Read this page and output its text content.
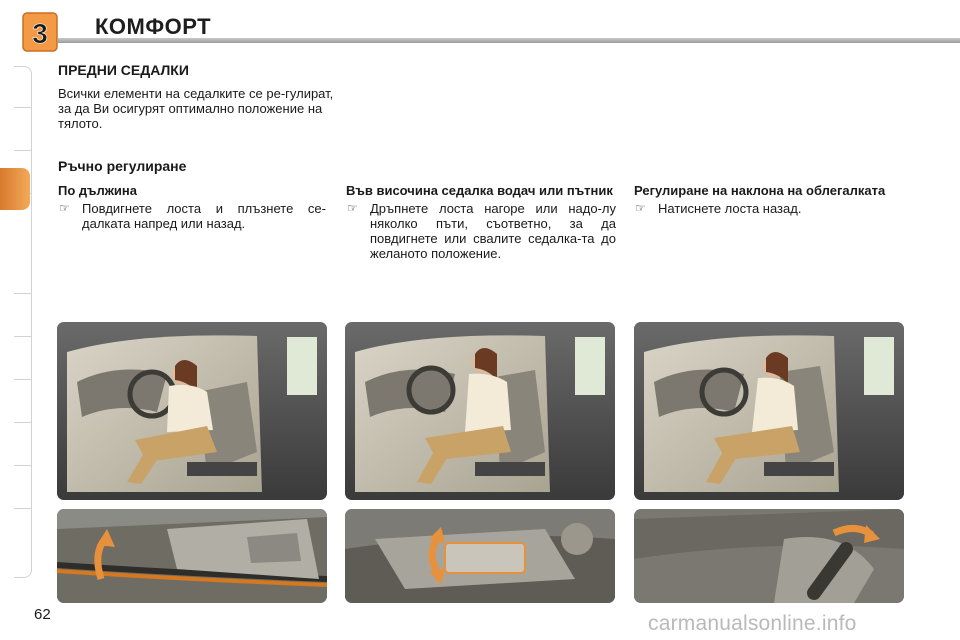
3 КОМФОРТ
ПРЕДНИ СЕДАЛКИ
Всички елементи на седалките се ре-гулират, за да Ви осигурят оптимално положение на тялото.
Ръчно регулиране
По дължина
☞ Повдигнете лоста и плъзнете се-далката напред или назад.
Във височина седалка водач или пътник
☞ Дръпнете лоста нагоре или надо-лу няколко пъти, съответно, за да повдигнете или свалите седалка-та до желаното положение.
Регулиране на наклона на облегалката
☞ Натиснете лоста назад.
62	carmanualsonline.info
